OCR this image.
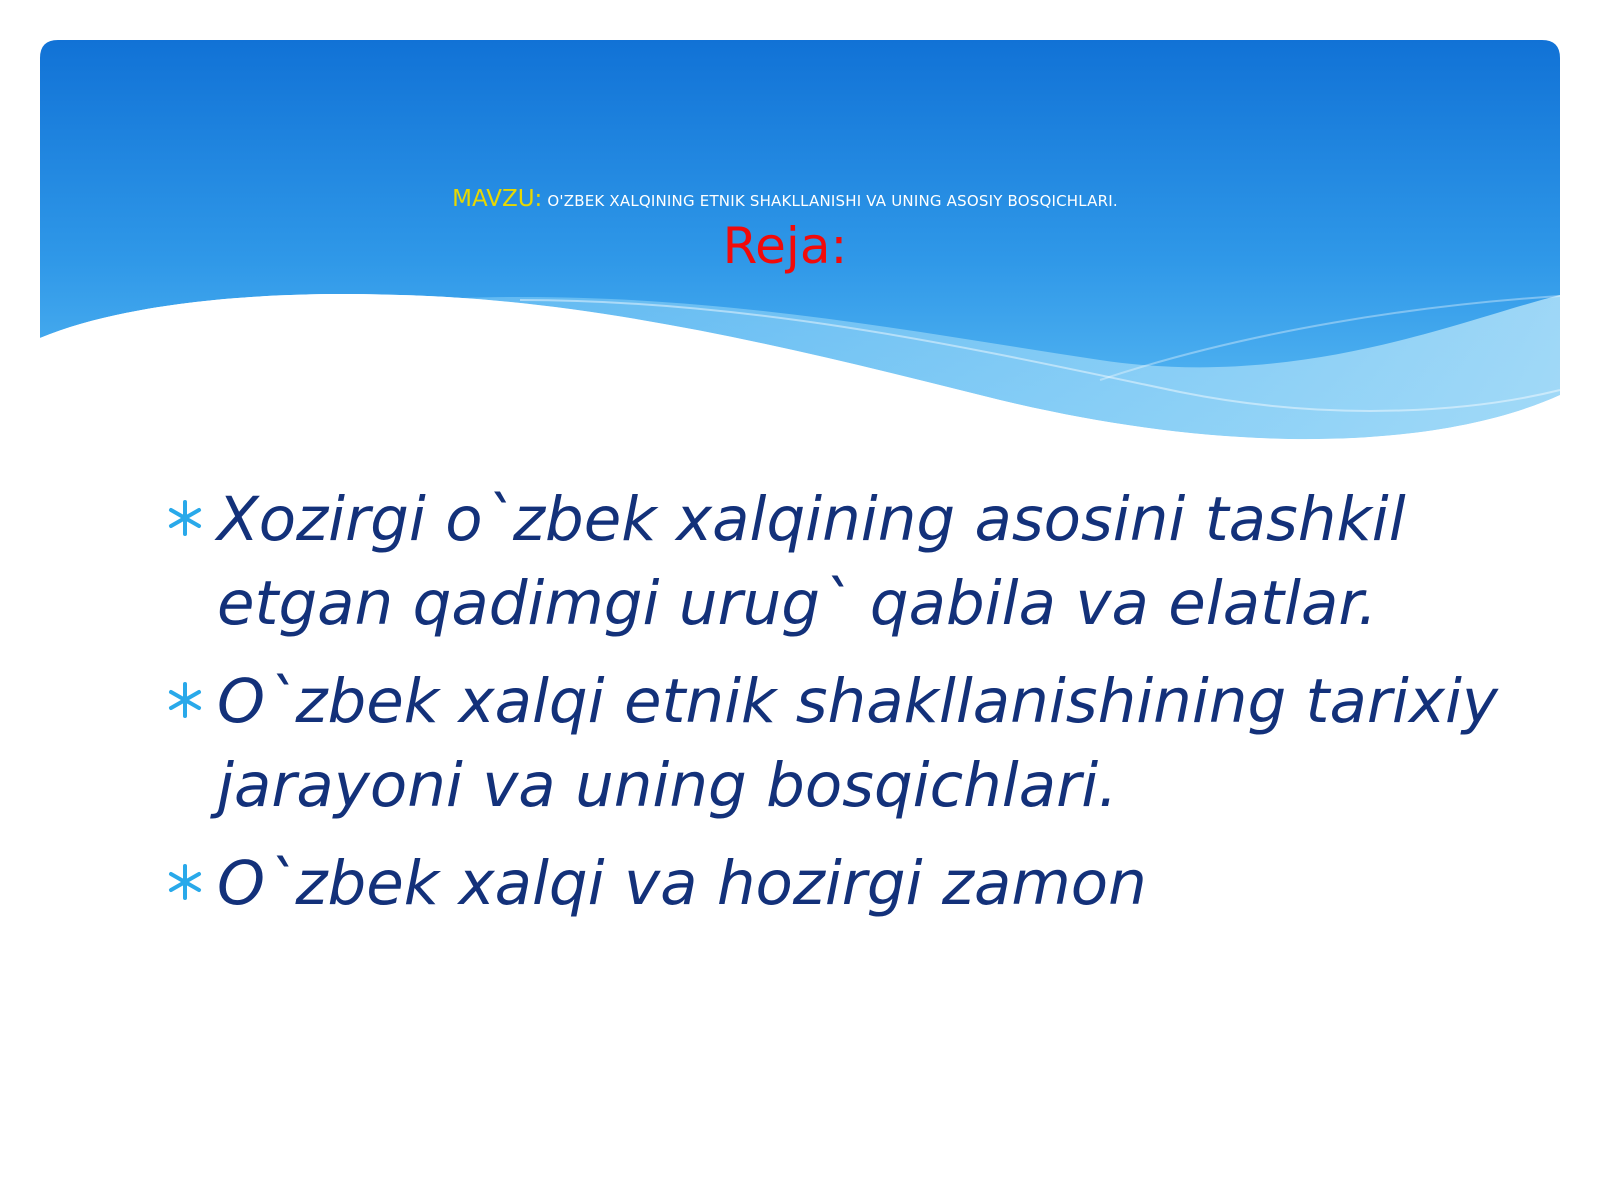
MAVZU: O'ZBEK XALQINING ETNIK SHAKLLANISHI VA UNING ASOSIY BOSQICHLARI.
Reja:
Xozirgi o`zbek xalqining asosini tashkil etgan qadimgi urug` qabila va elatlar.
O`zbek xalqi etnik shakllanishining tarixiy jarayoni va uning bosqichlari.
O`zbek xalqi va hozirgi zamon
